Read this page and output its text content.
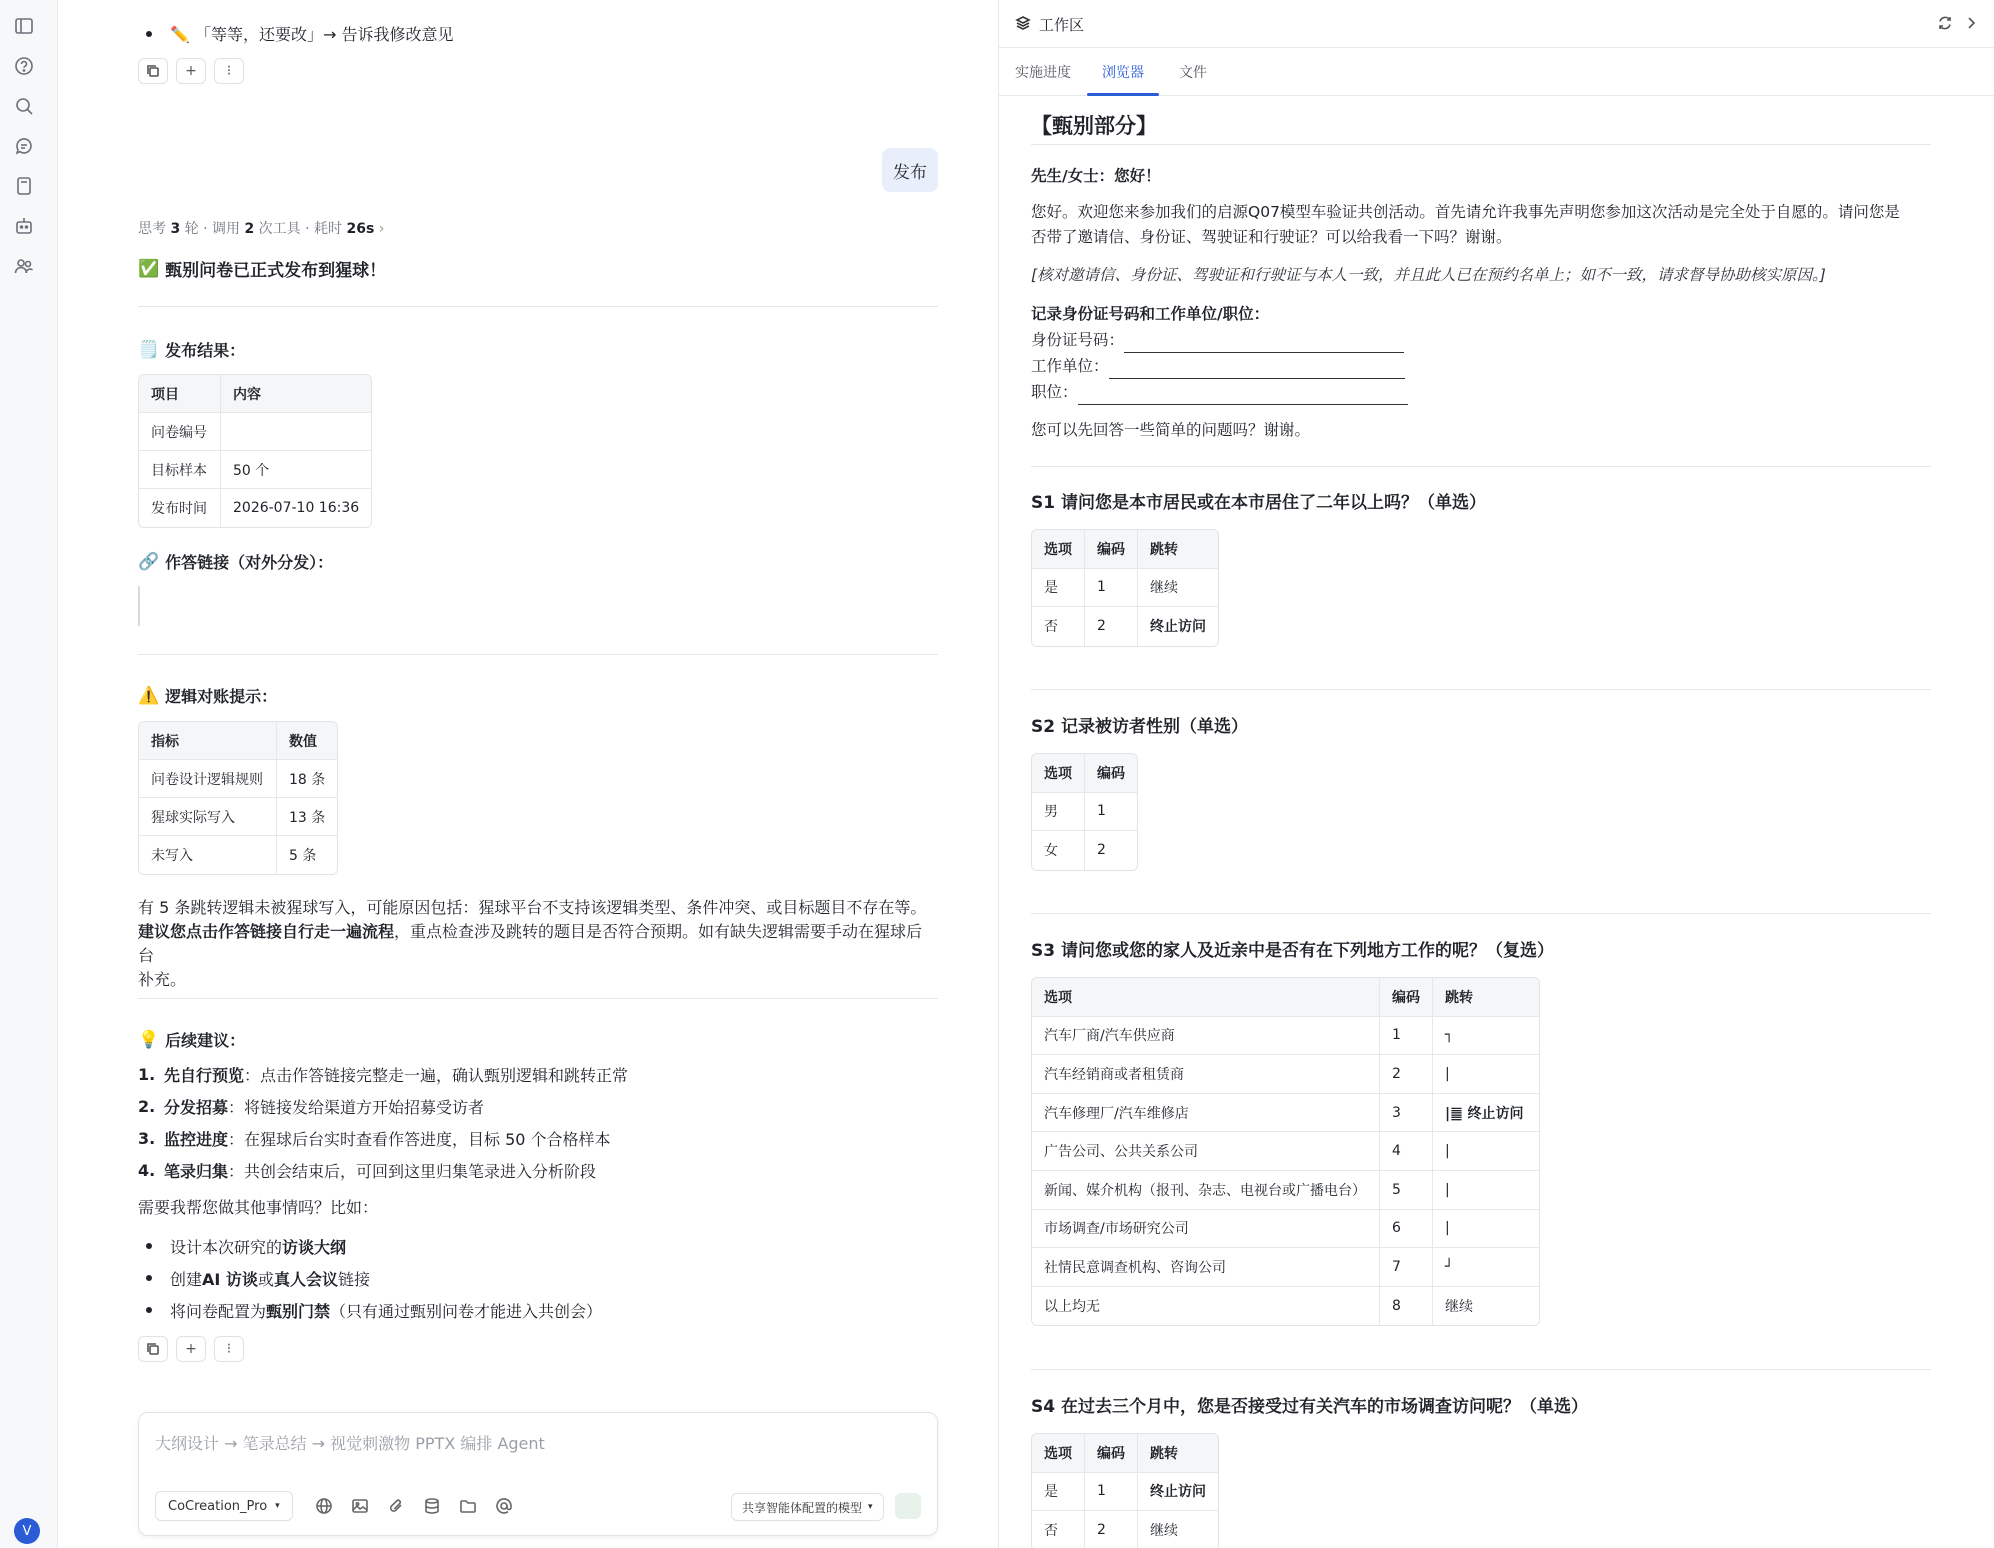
V
✏️ 「等等，还要改」→ 告诉我修改意见
+	⁝
发布
思考 3 轮 · 调用 2 次工具 · 耗时 26s ›
✅ 甄别问卷已正式发布到猩球！
🗒️ 发布结果：
项目	内容
问卷编号	
目标样本	50 个
发布时间	2026-07-10 16:36
🔗 作答链接（对外分发）：
⚠️ 逻辑对账提示：
指标	数值
问卷设计逻辑规则	18 条
猩球实际写入	13 条
未写入	5 条
有 5 条跳转逻辑未被猩球写入，可能原因包括：猩球平台不支持该逻辑类型、条件冲突、或目标题目不存在等。
建议您点击作答链接自行走一遍流程，重点检查涉及跳转的题目是否符合预期。如有缺失逻辑需要手动在猩球后台
补充。
💡 后续建议：
1. 先自行预览 ：点击作答链接完整走一遍，确认甄别逻辑和跳转正常
2. 分发招募 ：将链接发给渠道方开始招募受访者
3. 监控进度 ：在猩球后台实时查看作答进度，目标 50 个合格样本
4. 笔录归集 ：共创会结束后，可回到这里归集笔录进入分析阶段
需要我帮您做其他事情吗？比如：
设计本次研究的 访谈大纲
创建 AI 访谈 或 真人会议 链接
将问卷配置为 甄别门禁 （只有通过甄别问卷才能进入共创会）
+	⁝
大纲设计 → 笔录总结 → 视觉刺激物 PPTX 编排 Agent
CoCreation_Pro ▾	共享智能体配置的模型 ▾
工作区
实施进度 浏览器	文件
【甄别部分】
先生/女士：您好！
您好。欢迎您来参加我们的启源Q07模型车验证共创活动。首先请允许我事先声明您参加这次活动是完全处于自愿的。请问您是
否带了邀请信、身份证、驾驶证和行驶证？可以给我看一下吗？谢谢。
[核对邀请信、身份证、驾驶证和行驶证与本人一致，并且此人已在预约名单上；如不一致，请求督导协助核实原因。]
记录身份证号码和工作单位/职位：
身份证号码：
工作单位：
职位：
您可以先回答一些简单的问题吗？谢谢。
S1 请问您是本市居民或在本市居住了二年以上吗？（单选）
选项	编码	跳转
是	1	继续
否	2	终止访问
S2 记录被访者性别（单选）
选项	编码
男	1
女	2
S3 请问您或您的家人及近亲中是否有在下列地方工作的呢？（复选）
选项	编码	跳转
汽车厂商/汽车供应商	1	┐
汽车经销商或者租赁商	2	|
汽车修理厂/汽车维修店	3	|䷀ 终止访问
广告公司、公共关系公司	4	|
新闻、媒介机构（报刊、杂志、电视台或广播电台）	5	|
市场调查/市场研究公司	6	|
社情民意调查机构、咨询公司	7	┘
以上均无	8	继续
S4 在过去三个月中，您是否接受过有关汽车的市场调查访问呢？（单选）
选项	编码	跳转
是	1	终止访问
否	2	继续
